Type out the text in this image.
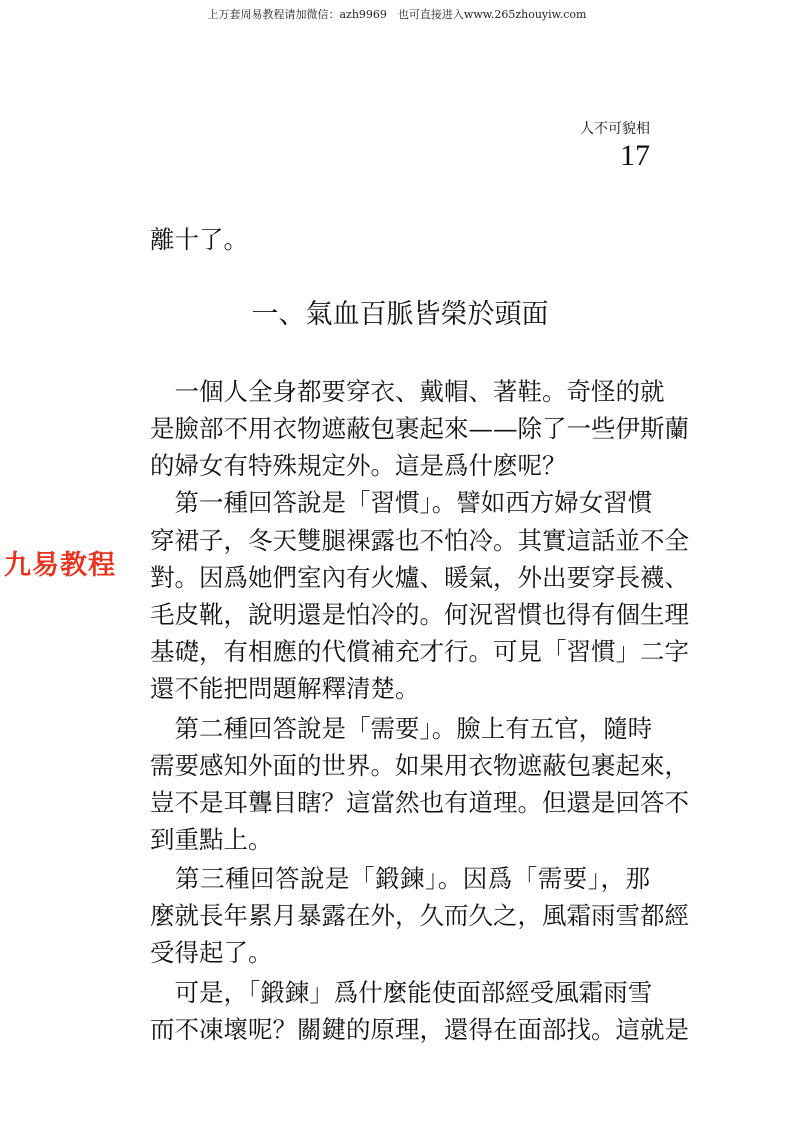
上万套周易教程请加微信：azh9969　也可直接进入www.265zhouyiw.com
人不可貌相
17
九易教程
離十了。
一、氣血百脈皆榮於頭面
　一個人全身都要穿衣、戴帽、著鞋。奇怪的就
是臉部不用衣物遮蔽包裹起來——除了一些伊斯蘭
的婦女有特殊規定外。這是爲什麽呢？
　第一種回答說是「習慣」。譬如西方婦女習慣
穿裙子，冬天雙腿裸露也不怕冷。其實這話並不全
對。因爲她們室內有火爐、暖氣，外出要穿長襪、
毛皮靴，說明還是怕冷的。何況習慣也得有個生理
基礎，有相應的代償補充才行。可見「習慣」二字
還不能把問題解釋清楚。
　第二種回答說是「需要」。臉上有五官，隨時
需要感知外面的世界。如果用衣物遮蔽包裹起來，
豈不是耳聾目瞎？這當然也有道理。但還是回答不
到重點上。
　第三種回答說是「鍛鍊」。因爲「需要」，那
麼就長年累月暴露在外，久而久之，風霜雨雪都經
受得起了。
　可是，「鍛鍊」爲什麼能使面部經受風霜雨雪
而不凍壞呢？關鍵的原理，還得在面部找。這就是
